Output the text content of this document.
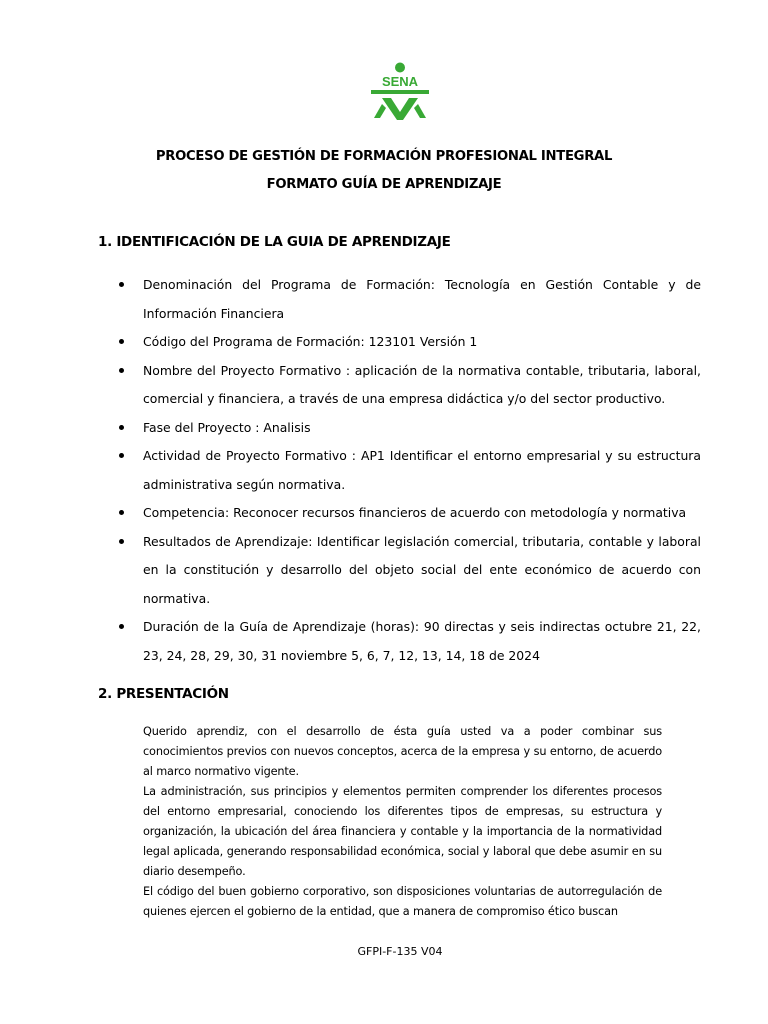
SENA
PROCESO DE GESTIÓN DE FORMACIÓN PROFESIONAL INTEGRAL
FORMATO GUÍA DE APRENDIZAJE
1. IDENTIFICACIÓN DE LA GUIA DE APRENDIZAJE
Denominación del Programa de Formación: Tecnología en Gestión Contable y de Información Financiera
Código del Programa de Formación: 123101 Versión 1
Nombre del Proyecto Formativo : aplicación de la normativa contable, tributaria, laboral, comercial y financiera, a través de una empresa didáctica y/o del sector productivo.
Fase del Proyecto : Analisis
Actividad de Proyecto Formativo : AP1 Identificar el entorno empresarial y su estructura administrativa según normativa.
Competencia: Reconocer recursos financieros de acuerdo con metodología y normativa
Resultados de Aprendizaje: Identificar legislación comercial, tributaria, contable y laboral en la constitución y desarrollo del objeto social del ente económico de acuerdo con normativa.
Duración de la Guía de Aprendizaje (horas): 90 directas y seis indirectas octubre 21, 22, 23, 24, 28, 29, 30, 31 noviembre 5, 6, 7, 12, 13, 14, 18 de 2024
2. PRESENTACIÓN

Querido aprendiz, con el desarrollo de ésta guía usted va a poder combinar sus conocimientos previos con nuevos conceptos, acerca de la empresa y su entorno, de acuerdo al marco normativo vigente.

La administración, sus principios y elementos permiten comprender los diferentes procesos del entorno empresarial, conociendo los diferentes tipos de empresas, su estructura y organización, la ubicación del área financiera y contable y la importancia de la normatividad legal aplicada, generando responsabilidad económica, social y laboral que debe asumir en su diario desempeño.

El código del buen gobierno corporativo, son disposiciones voluntarias de autorregulación de quienes ejercen el gobierno de la entidad, que a manera de compromiso ético buscan

GFPI-F-135 V04
